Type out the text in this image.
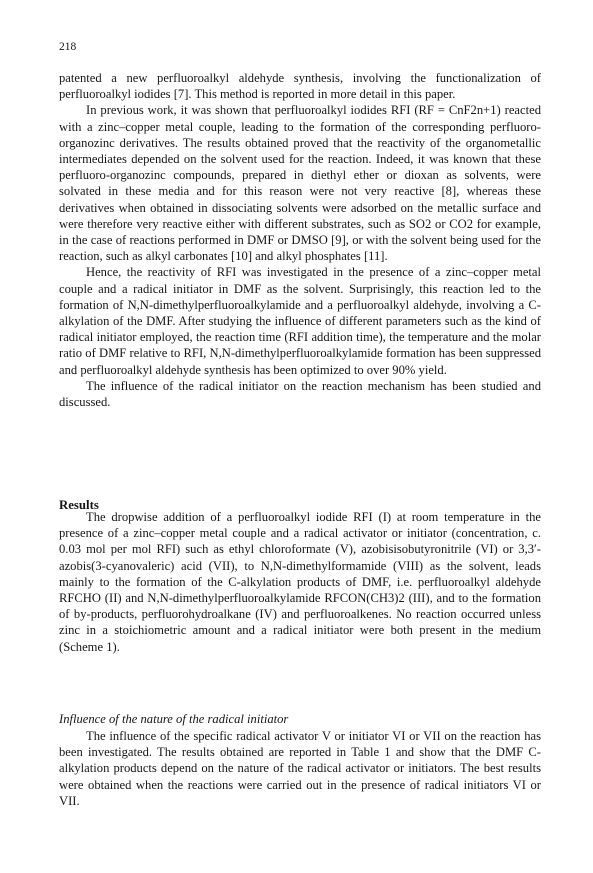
218

patented a new perfluoroalkyl aldehyde synthesis, involving the functionalization of perfluoroalkyl iodides [7]. This method is reported in more detail in this paper.

In previous work, it was shown that perfluoroalkyl iodides RFI (RF = CnF2n+1) reacted with a zinc–copper metal couple, leading to the formation of the corresponding perfluoro-organozinc derivatives. The results obtained proved that the reactivity of the organometallic intermediates depended on the solvent used for the reaction. Indeed, it was known that these perfluoro-organozinc compounds, prepared in diethyl ether or dioxan as solvents, were solvated in these media and for this reason were not very reactive [8], whereas these derivatives when obtained in dissociating solvents were adsorbed on the metallic surface and were therefore very reactive either with different substrates, such as SO2 or CO2 for example, in the case of reactions performed in DMF or DMSO [9], or with the solvent being used for the reaction, such as alkyl carbonates [10] and alkyl phosphates [11].

Hence, the reactivity of RFI was investigated in the presence of a zinc–copper metal couple and a radical initiator in DMF as the solvent. Surprisingly, this reaction led to the formation of N,N-dimethylperfluoroalkylamide and a perfluoroalkyl aldehyde, involving a C-alkylation of the DMF. After studying the influence of different parameters such as the kind of radical initiator employed, the reaction time (RFI addition time), the temperature and the molar ratio of DMF relative to RFI, N,N-dimethylperfluoroalkylamide formation has been suppressed and perfluoroalkyl aldehyde synthesis has been optimized to over 90% yield.

The influence of the radical initiator on the reaction mechanism has been studied and discussed.

Results

The dropwise addition of a perfluoroalkyl iodide RFI (I) at room temperature in the presence of a zinc–copper metal couple and a radical activator or initiator (concentration, c. 0.03 mol per mol RFI) such as ethyl chloroformate (V), azobisisobutyronitrile (VI) or 3,3′-azobis(3-cyanovaleric) acid (VII), to N,N-dimethylformamide (VIII) as the solvent, leads mainly to the formation of the C-alkylation products of DMF, i.e. perfluoroalkyl aldehyde RFCHO (II) and N,N-dimethylperfluoroalkylamide RFCON(CH3)2 (III), and to the formation of by-products, perfluorohydroalkane (IV) and perfluoroalkenes. No reaction occurred unless zinc in a stoichiometric amount and a radical initiator were both present in the medium (Scheme 1).

Influence of the nature of the radical initiator

The influence of the specific radical activator V or initiator VI or VII on the reaction has been investigated. The results obtained are reported in Table 1 and show that the DMF C-alkylation products depend on the nature of the radical activator or initiators. The best results were obtained when the reactions were carried out in the presence of radical initiators VI or VII.
